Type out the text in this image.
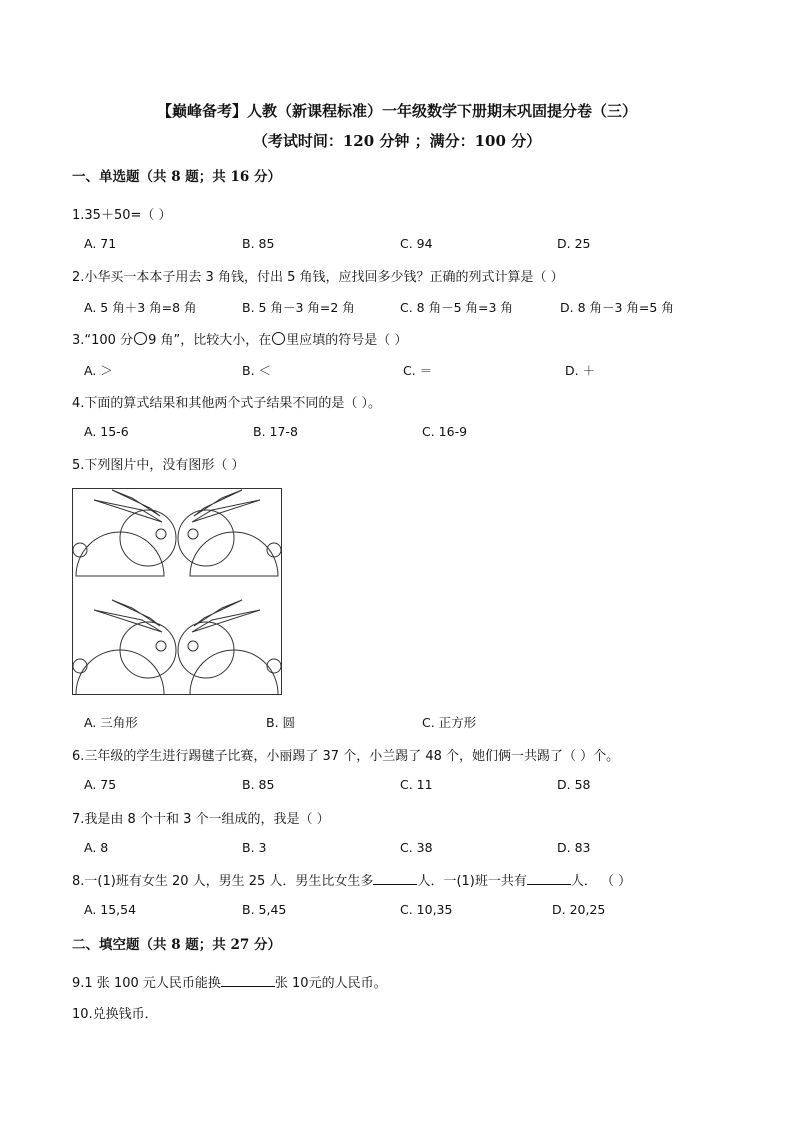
【巅峰备考】人教（新课程标准）一年级数学下册期末巩固提分卷（三）
（考试时间：120 分钟 ；满分：100 分）
一、单选题（共 8 题；共 16 分）
1.35＋50=（ ）
A. 71	B. 85	C. 94	D. 25
2.小华买一本本子用去 3 角钱，付出 5 角钱，应找回多少钱？正确的列式计算是（ ）
A. 5 角＋3 角=8 角	B. 5 角－3 角=2 角	C. 8 角－5 角=3 角	D. 8 角－3 角=5 角
3.“100 分 9 角”，比较大小，在 里应填的符号是（ ）
A. ＞	B. ＜	C. ＝	D. ＋
4.下面的算式结果和其他两个式子结果不同的是（ ）。
A. 15-6	B. 17-8	C. 16-9
5.下列图片中，没有图形（ ）
A. 三角形	B. 圆	C. 正方形
6.三年级的学生进行踢毽子比赛，小丽踢了 37 个，小兰踢了 48 个，她们俩一共踢了（ ）个。
A. 75	B. 85	C. 11	D. 58
7.我是由 8 个十和 3 个一组成的，我是（ ）
A. 8	B. 3	C. 38	D. 83
8.一(1)班有女生 20 人，男生 25 人．男生比女生多	人．一(1)班一共有	人． （ ）
A. 15,54	B. 5,45	C. 10,35	D. 20,25
二、填空题（共 8 题；共 27 分）
9.1 张 100 元人民币能换	张 10元的人民币。
10.兑换钱币．
